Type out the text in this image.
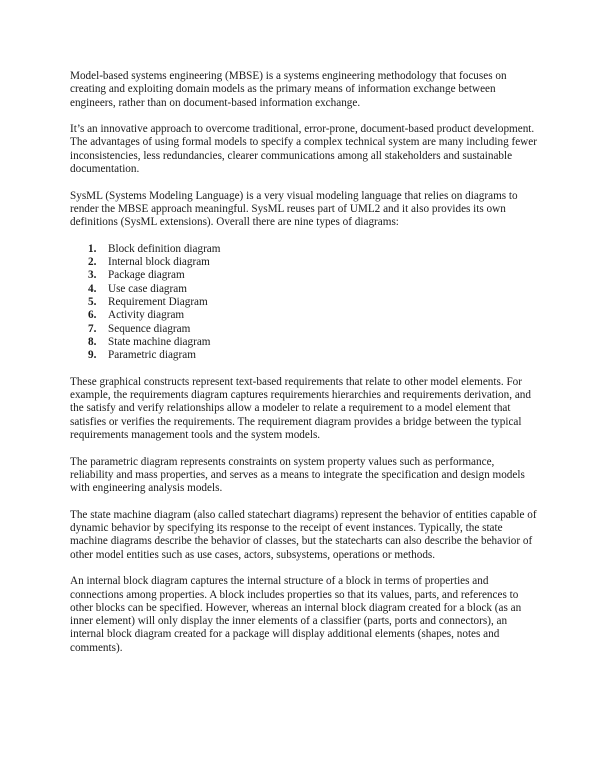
Model-based systems engineering (MBSE) is a systems engineering methodology that focuses on creating and exploiting domain models as the primary means of information exchange between engineers, rather than on document-based information exchange.

It’s an innovative approach to overcome traditional, error-prone, document-based product development. The advantages of using formal models to specify a complex technical system are many including fewer inconsistencies, less redundancies, clearer communications among all stakeholders and sustainable documentation.

SysML (Systems Modeling Language) is a very visual modeling language that relies on diagrams to render the MBSE approach meaningful. SysML reuses part of UML2 and it also provides its own definitions (SysML extensions). Overall there are nine types of diagrams:

1. Block definition diagram
2. Internal block diagram
3. Package diagram
4. Use case diagram
5. Requirement Diagram
6. Activity diagram
7. Sequence diagram
8. State machine diagram
9. Parametric diagram

These graphical constructs represent text-based requirements that relate to other model elements. For example, the requirements diagram captures requirements hierarchies and requirements derivation, and the satisfy and verify relationships allow a modeler to relate a requirement to a model element that satisfies or verifies the requirements. The requirement diagram provides a bridge between the typical requirements management tools and the system models.

The parametric diagram represents constraints on system property values such as performance, reliability and mass properties, and serves as a means to integrate the specification and design models with engineering analysis models.

The state machine diagram (also called statechart diagrams) represent the behavior of entities capable of dynamic behavior by specifying its response to the receipt of event instances. Typically, the state machine diagrams describe the behavior of classes, but the statecharts can also describe the behavior of other model entities such as use cases, actors, subsystems, operations or methods.

An internal block diagram captures the internal structure of a block in terms of properties and connections among properties. A block includes properties so that its values, parts, and references to other blocks can be specified. However, whereas an internal block diagram created for a block (as an inner element) will only display the inner elements of a classifier (parts, ports and connectors), an internal block diagram created for a package will display additional elements (shapes, notes and comments).
